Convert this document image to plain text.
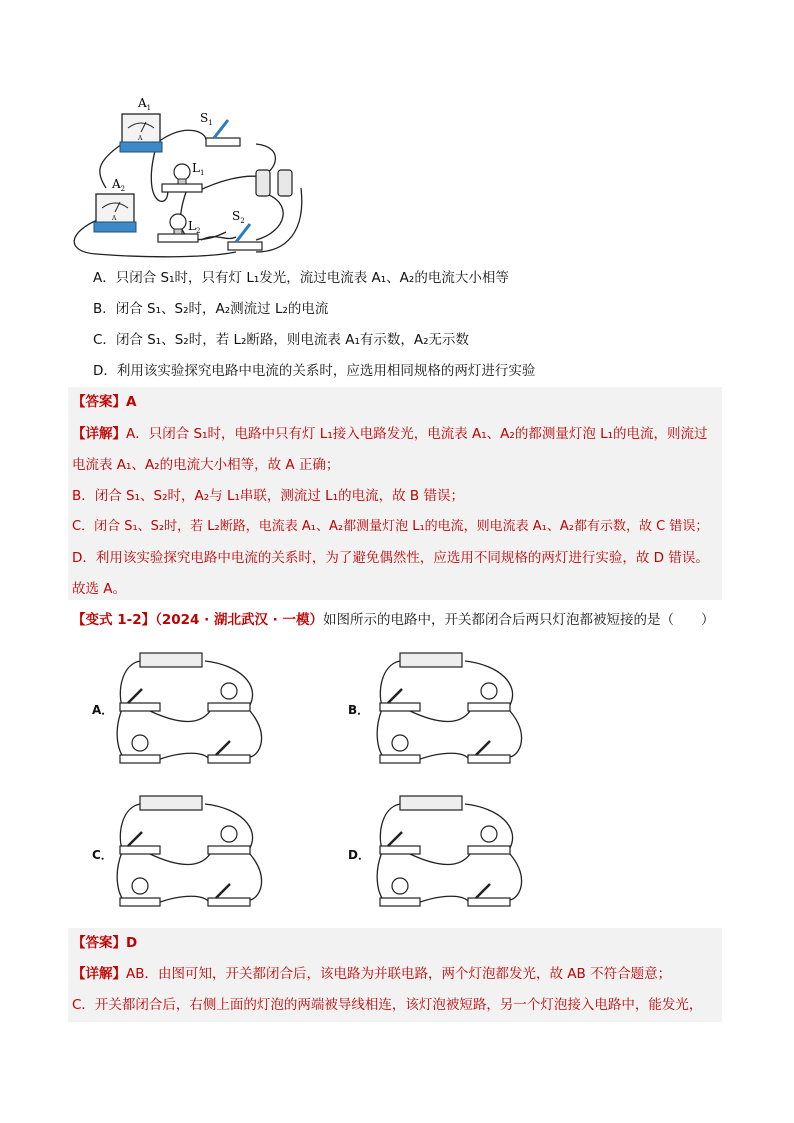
$A_1$
A
$A_2$
A
$S_1$
$L_1$
$L_2$
$S_2$
A．只闭合 S₁时，只有灯 L₁发光，流过电流表 A₁、A₂的电流大小相等
B．闭合 S₁、S₂时，A₂测流过 L₂的电流
C．闭合 S₁、S₂时，若 L₂断路，则电流表 A₁有示数，A₂无示数
D．利用该实验探究电路中电流的关系时，应选用相同规格的两灯进行实验
【答案】A
【详解】A．只闭合 S₁时，电路中只有灯 L₁接入电路发光，电流表 A₁、A₂的都测量灯泡 L₁的电流，则流过
电流表 A₁、A₂的电流大小相等，故 A 正确；
B．闭合 S₁、S₂时，A₂与 L₁串联，测流过 L₁的电流，故 B 错误；
C．闭合 S₁、S₂时，若 L₂断路，电流表 A₁、A₂都测量灯泡 L₁的电流，则电流表 A₁、A₂都有示数，故 C 错误；
D．利用该实验探究电路中电流的关系时，为了避免偶然性，应选用不同规格的两灯进行实验，故 D 错误。
故选 A。
【变式 1-2】（2024 · 湖北武汉 · 一模）如图所示的电路中，开关都闭合后两只灯泡都被短接的是（　　）
A．	B．
C．	D．
【答案】D
【详解】AB．由图可知，开关都闭合后，该电路为并联电路，两个灯泡都发光，故 AB 不符合题意；
C．开关都闭合后，右侧上面的灯泡的两端被导线相连，该灯泡被短路，另一个灯泡接入电路中，能发光，
